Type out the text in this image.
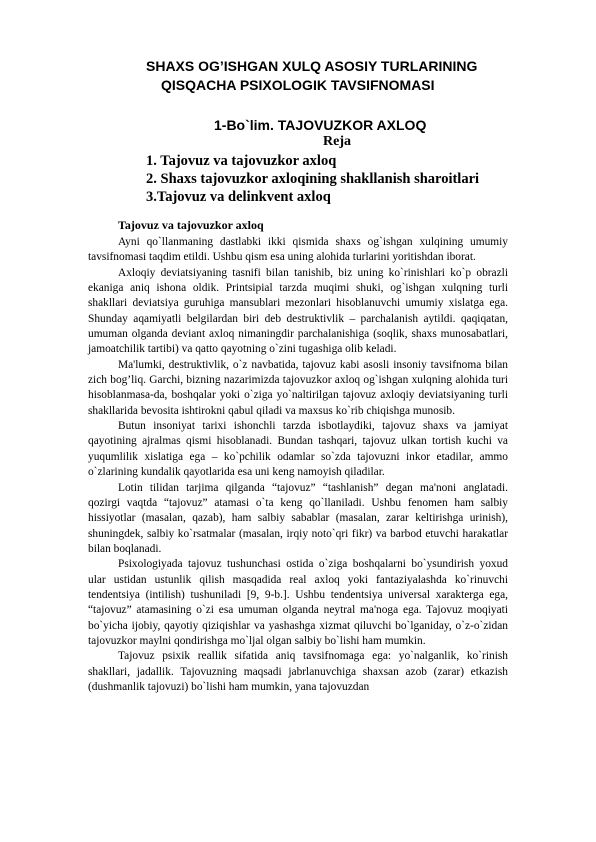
SHAXS OG’ISHGAN XULQ ASOSIY TURLARINING
QISQACHA PSIXOLOGIK TAVSIFNOMASI
1-Bo`lim. TAJOVUZKOR AXLOQ
Reja
1. Tajovuz va tajovuzkor axloq
2. Shaxs tajovuzkor axloqining shakllanish sharoitlari
3.Tajovuz va delinkvent axloq
Tajovuz va tajovuzkor axloq

Ayni qo`llanmaning dastlabki ikki qismida shaxs og`ishgan xulqining umumiy tavsifnomasi taqdim etildi. Ushbu qism esa uning alohida turlarini yoritishdan iborat.

Axloqiy deviatsiyaning tasnifi bilan tanishib, biz uning ko`rinishlari ko`p obrazli ekaniga aniq ishona oldik. Printsipial tarzda muqimi shuki, og`ishgan xulqning turli shakllari deviatsiya guruhiga mansublari mezonlari hisoblanuvchi umumiy xislatga ega. Shunday aqamiyatli belgilardan biri deb destruktivlik – parchalanish aytildi. qaqiqatan, umuman olganda deviant axloq nimaningdir parchalanishiga (soqlik, shaxs munosabatlari, jamoatchilik tartibi) va qatto qayotning o`zini tugashiga olib keladi.

Ma'lumki, destruktivlik, o`z navbatida, tajovuz kabi asosli insoniy tavsifnoma bilan zich bog’liq. Garchi, bizning nazarimizda tajovuzkor axloq og`ishgan xulqning alohida turi hisoblanmasa-da, boshqalar yoki o`ziga yo`naltirilgan tajovuz axloqiy deviatsiyaning turli shakllarida bevosita ishtirokni qabul qiladi va maxsus ko`rib chiqishga munosib.

Butun insoniyat tarixi ishonchli tarzda isbotlaydiki, tajovuz shaxs va jamiyat qayotining ajralmas qismi hisoblanadi. Bundan tashqari, tajovuz ulkan tortish kuchi va yuqumlilik xislatiga ega – ko`pchilik odamlar so`zda tajovuzni inkor etadilar, ammo o`zlarining kundalik qayotlarida esa uni keng namoyish qiladilar.

Lotin tilidan tarjima qilganda “tajovuz” “tashlanish” degan ma'noni anglatadi. qozirgi vaqtda “tajovuz” atamasi o`ta keng qo`llaniladi. Ushbu fenomen ham salbiy hissiyotlar (masalan, qazab), ham salbiy sabablar (masalan, zarar keltirishga urinish), shuningdek, salbiy ko`rsatmalar (masalan, irqiy noto`qri fikr) va barbod etuvchi harakatlar bilan boqlanadi.

Psixologiyada tajovuz tushunchasi ostida o`ziga boshqalarni bo`ysundirish yoxud ular ustidan ustunlik qilish masqadida real axloq yoki fantaziyalashda ko`rinuvchi tendentsiya (intilish) tushuniladi [9, 9-b.]. Ushbu tendentsiya universal xarakterga ega, “tajovuz” atamasining o`zi esa umuman olganda neytral ma'noga ega. Tajovuz moqiyati bo`yicha ijobiy, qayotiy qiziqishlar va yashashga xizmat qiluvchi bo`lganiday, o`z-o`zidan tajovuzkor maylni qondirishga mo`ljal olgan salbiy bo`lishi ham mumkin.

Tajovuz psixik reallik sifatida aniq tavsifnomaga ega: yo`nalganlik, ko`rinish shakllari, jadallik. Tajovuzning maqsadi jabrlanuvchiga shaxsan azob (zarar) etkazish (dushmanlik tajovuzi) bo`lishi ham mumkin, yana tajovuzdan
